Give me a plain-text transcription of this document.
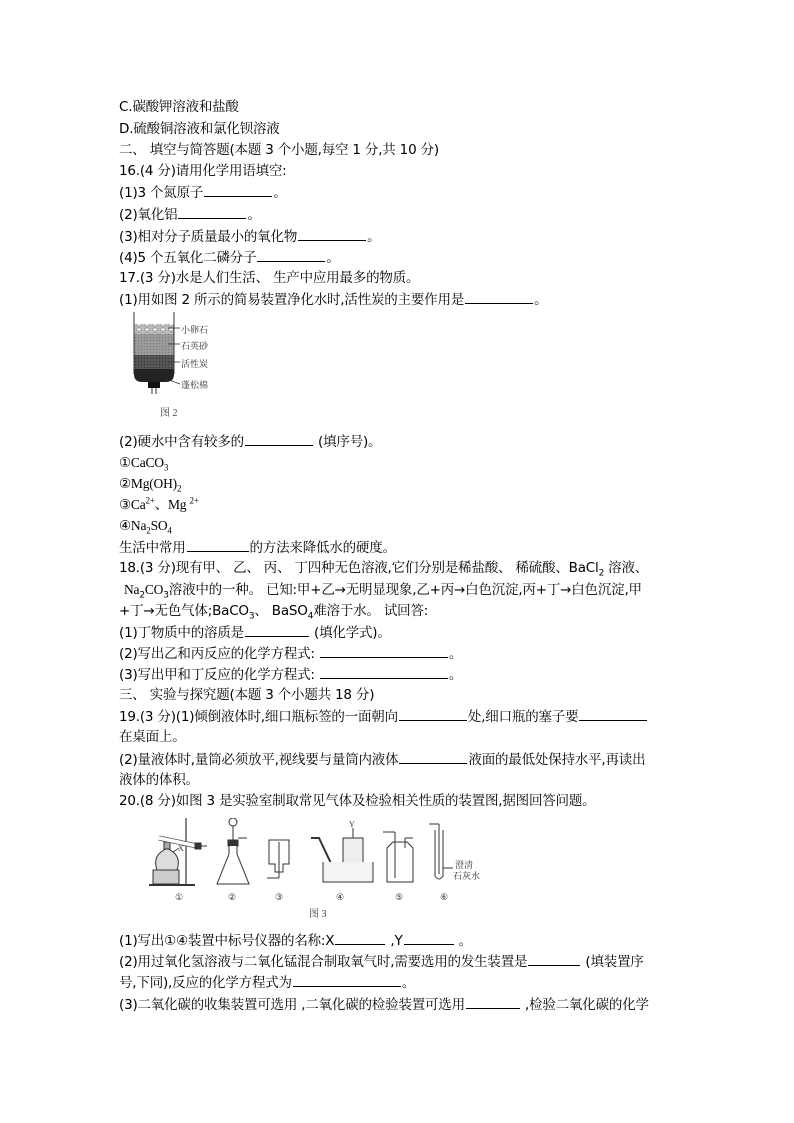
C.碳酸钾溶液和盐酸
D.硫酸铜溶液和氯化钡溶液
二、 填空与简答题(本题 3 个小题,每空 1 分,共 10 分)
16.(4 分)请用化学用语填空:
(1)3 个氮原子	。
(2)氧化铝	。
(3)相对分子质量最小的氧化物	。
(4)5 个五氧化二磷分子	。
17.(3 分)水是人们生活、 生产中应用最多的物质。
(1)用如图 2 所示的简易装置净化水时,活性炭的主要作用是	。
小卵石
石英砂
活性炭
蓬松棉
图 2
(2)硬水中含有较多的	(填序号)。
①CaCO$_3$
$②Mg(OH)_2$
$③Ca^{2+}$、Mg $^{2+}$
$④Na_2SO_4$
生活中常用	的方法来降低水的硬度。
18.(3 分)现有甲、 乙、 丙、 丁四种无色溶液,它们分别是稀盐酸、 稀硫酸、BaCl$_2$ 溶液、
$Na_2CO_3$溶液中的一种。 已知:甲+乙→无明显现象,乙+丙→白色沉淀,丙+丁→白色沉淀,甲
+丁→无色气体;BaCO$_3$、 BaSO$_4$难溶于水。 试回答:
(1)丁物质中的溶质是	(填化学式)。
(2)写出乙和丙反应的化学方程式:	。
(3)写出甲和丁反应的化学方程式:	。
三、 实验与探究题(本题 3 个小题共 18 分)
19.(3 分)(1)倾倒液体时,细口瓶标签的一面朝向	处,细口瓶的塞子要
在桌面上。
(2)量液体时,量筒必须放平,视线要与量筒内液体	液面的最低处保持水平,再读出
液体的体积。
20.(8 分)如图 3 是实验室制取常见气体及检验相关性质的装置图,据图回答问题。
X
Y
澄清
石灰水
①	②	③	④	⑤	⑥
图 3
(1)写出①④装置中标号仪器的名称:X	,Y	。
(2)用过氧化氢溶液与二氧化锰混合制取氧气时,需要选用的发生装置是	(填装置序
号,下同),反应的化学方程式为	。
(3)二氧化碳的收集装置可选用 ,二氧化碳的检验装置可选用	,检验二氧化碳的化学
